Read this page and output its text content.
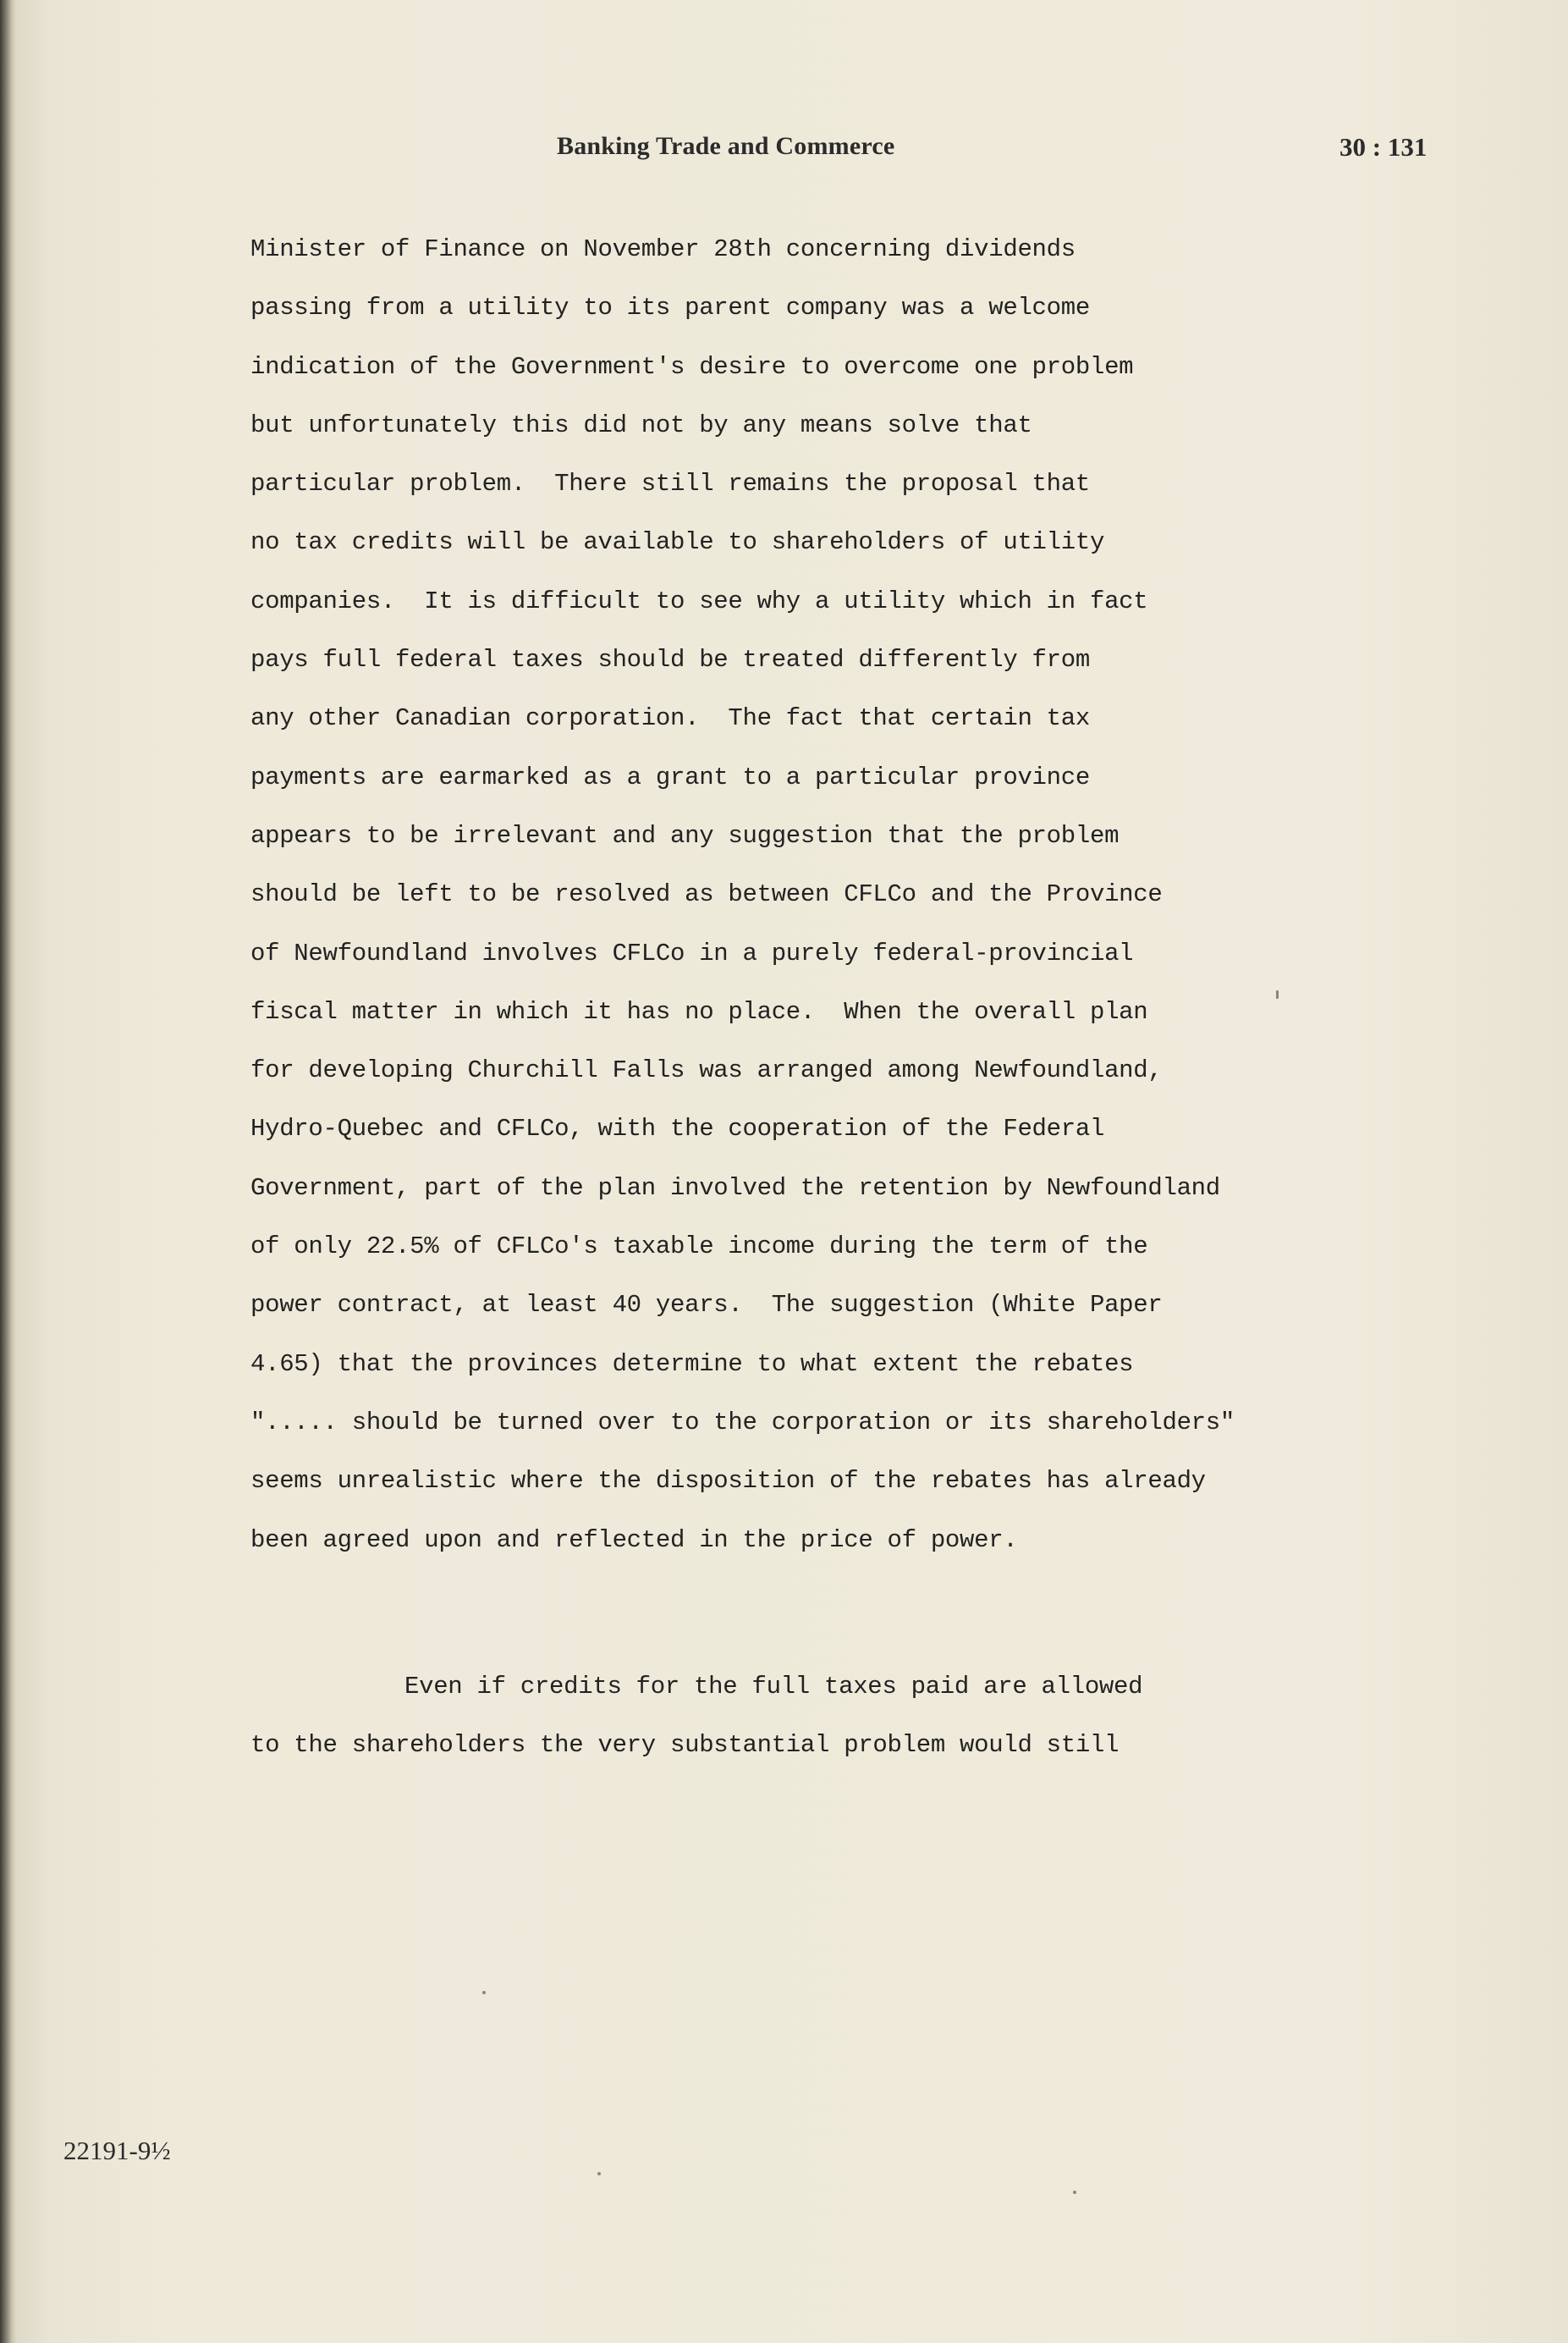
Banking Trade and Commerce	30 : 131
Minister of Finance on November 28th concerning dividends
passing from a utility to its parent company was a welcome
indication of the Government's desire to overcome one problem
but unfortunately this did not by any means solve that
particular problem.  There still remains the proposal that
no tax credits will be available to shareholders of utility
companies.  It is difficult to see why a utility which in fact
pays full federal taxes should be treated differently from
any other Canadian corporation.  The fact that certain tax
payments are earmarked as a grant to a particular province
appears to be irrelevant and any suggestion that the problem
should be left to be resolved as between CFLCo and the Province
of Newfoundland involves CFLCo in a purely federal-provincial
fiscal matter in which it has no place.  When the overall plan
for developing Churchill Falls was arranged among Newfoundland,
Hydro-Quebec and CFLCo, with the cooperation of the Federal
Government, part of the plan involved the retention by Newfoundland
of only 22.5% of CFLCo's taxable income during the term of the
power contract, at least 40 years.  The suggestion (White Paper
4.65) that the provinces determine to what extent the rebates
"..... should be turned over to the corporation or its shareholders"
seems unrealistic where the disposition of the rebates has already
been agreed upon and reflected in the price of power.
Even if credits for the full taxes paid are allowed
to the shareholders the very substantial problem would still
22191-9½
